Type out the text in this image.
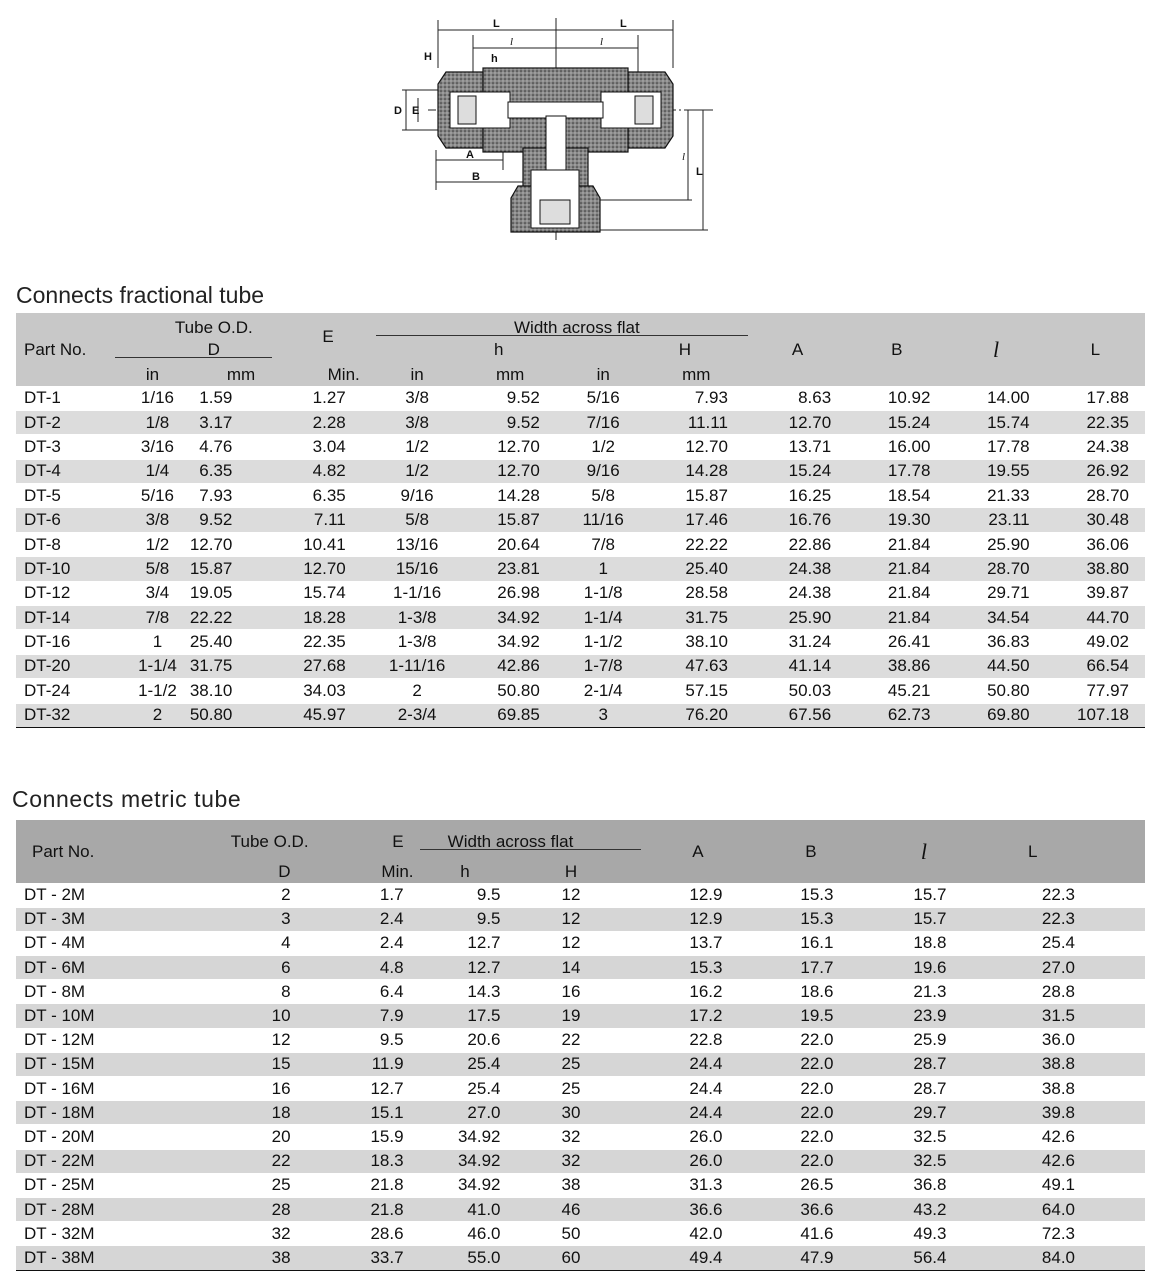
L	L
l	l
H	h
D E
A
B
l
L
Connects fractional tube
Part No.	Tube O.D.		E	Width across flat				A	B	l	L
	D			h		H					
	in	mm	Min.	in	mm	in	mm				
DT-1	1/16	1.59	1.27	3/8	9.52	5/16	7.93	8.63	10.92	14.00	17.88
DT-2	1/8	3.17	2.28	3/8	9.52	7/16	11.11	12.70	15.24	15.74	22.35
DT-3	3/16	4.76	3.04	1/2	12.70	1/2	12.70	13.71	16.00	17.78	24.38
DT-4	1/4	6.35	4.82	1/2	12.70	9/16	14.28	15.24	17.78	19.55	26.92
DT-5	5/16	7.93	6.35	9/16	14.28	5/8	15.87	16.25	18.54	21.33	28.70
DT-6	3/8	9.52	7.11	5/8	15.87	11/16	17.46	16.76	19.30	23.11	30.48
DT-8	1/2	12.70	10.41	13/16	20.64	7/8	22.22	22.86	21.84	25.90	36.06
DT-10	5/8	15.87	12.70	15/16	23.81	1	25.40	24.38	21.84	28.70	38.80
DT-12	3/4	19.05	15.74	1-1/16	26.98	1-1/8	28.58	24.38	21.84	29.71	39.87
DT-14	7/8	22.22	18.28	1-3/8	34.92	1-1/4	31.75	25.90	21.84	34.54	44.70
DT-16	1	25.40	22.35	1-3/8	34.92	1-1/2	38.10	31.24	26.41	36.83	49.02
DT-20	1-1/4	31.75	27.68	1-11/16	42.86	1-7/8	47.63	41.14	38.86	44.50	66.54
DT-24	1-1/2	38.10	34.03	2	50.80	2-1/4	57.15	50.03	45.21	50.80	77.97
DT-32	2	50.80	45.97	2-3/4	69.85	3	76.20	67.56	62.73	69.80	107.18
Connects metric tube
Part No.	Tube O.D.	E	Width across flat		A	B	l	L
	D	Min.	h	H				
DT - 2M	2	1.7	9.5	12	12.9	15.3	15.7	22.3
DT - 3M	3	2.4	9.5	12	12.9	15.3	15.7	22.3
DT - 4M	4	2.4	12.7	12	13.7	16.1	18.8	25.4
DT - 6M	6	4.8	12.7	14	15.3	17.7	19.6	27.0
DT - 8M	8	6.4	14.3	16	16.2	18.6	21.3	28.8
DT - 10M	10	7.9	17.5	19	17.2	19.5	23.9	31.5
DT - 12M	12	9.5	20.6	22	22.8	22.0	25.9	36.0
DT - 15M	15	11.9	25.4	25	24.4	22.0	28.7	38.8
DT - 16M	16	12.7	25.4	25	24.4	22.0	28.7	38.8
DT - 18M	18	15.1	27.0	30	24.4	22.0	29.7	39.8
DT - 20M	20	15.9	34.92	32	26.0	22.0	32.5	42.6
DT - 22M	22	18.3	34.92	32	26.0	22.0	32.5	42.6
DT - 25M	25	21.8	34.92	38	31.3	26.5	36.8	49.1
DT - 28M	28	21.8	41.0	46	36.6	36.6	43.2	64.0
DT - 32M	32	28.6	46.0	50	42.0	41.6	49.3	72.3
DT - 38M	38	33.7	55.0	60	49.4	47.9	56.4	84.0
